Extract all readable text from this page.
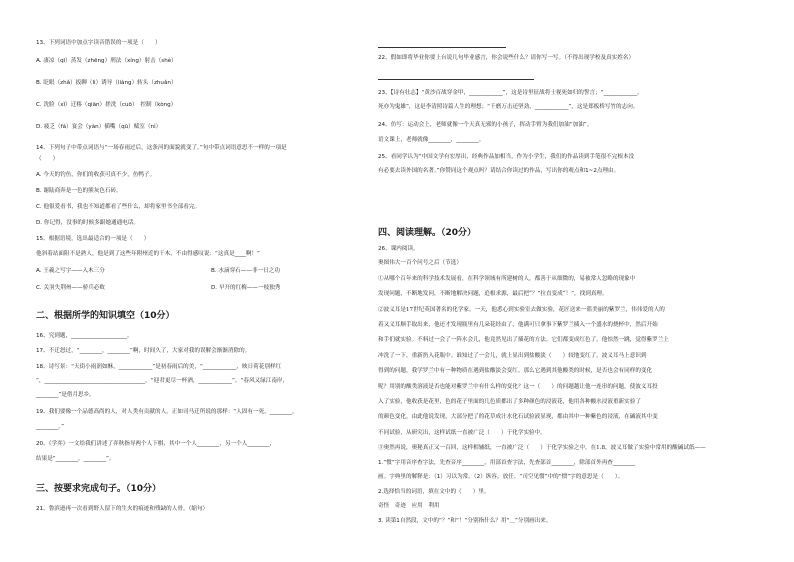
13、下列词语中加点字读音错误的一项是（　　）
A. 凄凉（qī）蒸发（zhēng）刑法（xíng）射击（shè）
B. 眨眼（zhǎ）扳聊（lì）诱导（liàng）转头（zhuǎn）
C. 洗脸（xǐ）迁移（qiān）搓洗（cuō）　控制（kòng）
D. 疲乏（fá）宴会（yàn）插嘴（qǔ）赋室（nì）
14、下列句子中带点词语与“一场春雨过后，这条河的面貌就变了。”句中带点词语意思不一样的一项是
（　　）
A. 今天的钓鱼，你们的收获可真不少，鱼鸭子。
B. 谢陆商奔是一色的熊灰色石砖。
C. 他很爱看书，我也不知道都看了些什么，却将家里书全部看完。
D. 你记得，没事的时候多跟她通通电话。
15、根据语境，选出最适合的一项是（　　）
他斜着站面阻不是熟人，他是到了这些年附州近的干木，不由得感叹说：“这真是____啊！”
A. 王羲之写字——入木三分	B. 水滴穿石——非一日之功
C. 关羽失荆州——骄兵必败	D. 早开的红梅——一枝独秀
二、根据所学的知识填空（10分）
16、究到题，____________________。
17、不迁怒过，“________，________”啊，时间久了，大家对我的误解会渐渐消除的。
18、诗写景：“天街小雨润如酥，____________”是初春雨后的美，“____________，映日荷花别样红
”，____________________________________，“迎君更尽一杯酒，____________”。“春风又绿江南岸，
________”是借月思乡。
19、我们要像一个品德高尚的人，对人类有贡献的人，正如司马迁所说的那样：“人固有一死，________，
________。”
20、《学弈》一文给我们讲述了弈秋指导两个人下棋，其中一个人________，另一个人________，
结果是“________，________”。
三、按要求完成句子。（10分）
21、鲁滨逊再一次看到野人留下的生火的痕迹和残缺的人骨。（缩句）
22、假如即将毕业你要上台说几句毕业感言，你会说些什么？请你写一写。（不得出现学校及真实姓名）
23、【诗有壮志】“黄沙百战穿金甲，____________”，这是诗里征战将士视死如归的誓言；“____________，
死亦为鬼雄”，这是李清照诗篇人生的理想；“千磨万击还坚劲，____________”，这是郑板桥写竹的志向。
24、仿写：运动会上，老师就像一个天真无邪的小孩子，挥动手臂为我们加油“加油”。
语文课上，老师就像________，________。
25、看同学认为“中国文学有宏厚出，经典作品加相当，作为小学生，我们的作品读到手笔很不完根本没
有必要去读外国的名著。”你赞同这个观点吗？请结合你读过的作品，写出你的观点和1~2点理由。
四、阅读理解。（20分）
26、课内阅读。
奥图伟大一百个问号之后（节选）
①从哪个百年来的科学技术发展看，在科学领域有所建树的人，都善于从细微的，易被常人忽略的现象中
发现问题，不断地发问，不断地解决问题，追根求源，最后把“？”拉直变成“！”，找到真理。
②波义耳是17世纪英国著名的化学家。一天，他悉心到实验室去做实验，花匠送来一篮美丽的紫罗兰，伟伟爱的人的
着又义耳顺手取出来，他还才发现瓶里有几朵花经由了，他满可只拿事下紫罗兰插入一个盛水的烧杯中，然后开始
和手们就实验。不料过一会了一阵水会儿，他竟然见出了插花的方法。它们都变成红色了。他惊然一跳，觉得紫罗兰上
冲洗了一下，重新扔入花瓶中。谁知过了一会儿，就上显出到盐酸淡（　　）较地变红了。波义耳马上意识到
得到的问题，我学罗兰中有一种物质在遇到盐酸淡会变红。那么它遇到其他酸类的时候，是否也会有同样的变化
呢？用别的酸类溶液是否也能对紫罗兰中有什么样的变化？这一（　　）的问题越让他一连串的问题，使波义耳投
入了实验，他收获是花里，色的花子里面的几色质都出了多种颜色的浸液花，他用各种酸水浸液重新实验了
的颜色变化。由此他说发现，大部分把了的花草成汁水化石试验液显现，都由其中一种紫色的浸液，在碱液其中变
不同试验，从研究出，这样试纸一直被广泛（　　）于化学实验中。
③奥然再说，奥秘真正又一百回，这样相辅纸，一直被广泛（　　）于化学实验之中。在1.8，波义耳做了实验中常用的酸碱试纸——
1.“惯”字用音序查字法，先查音序________，用部首查字法，先查部首________，除部首外再查________
画。字典里的解释是：（1）习以为常。（2）纵容，放任。“司空见惯”中的“惯”字的意思是（　　）。
2.选择恰当的词语，填在文中的（　　）里。
奇怪　奇迹　应用　利用
3. 读第1自然段，文中的“？”和“！”分别指什么？用“＿”分别画出来。
